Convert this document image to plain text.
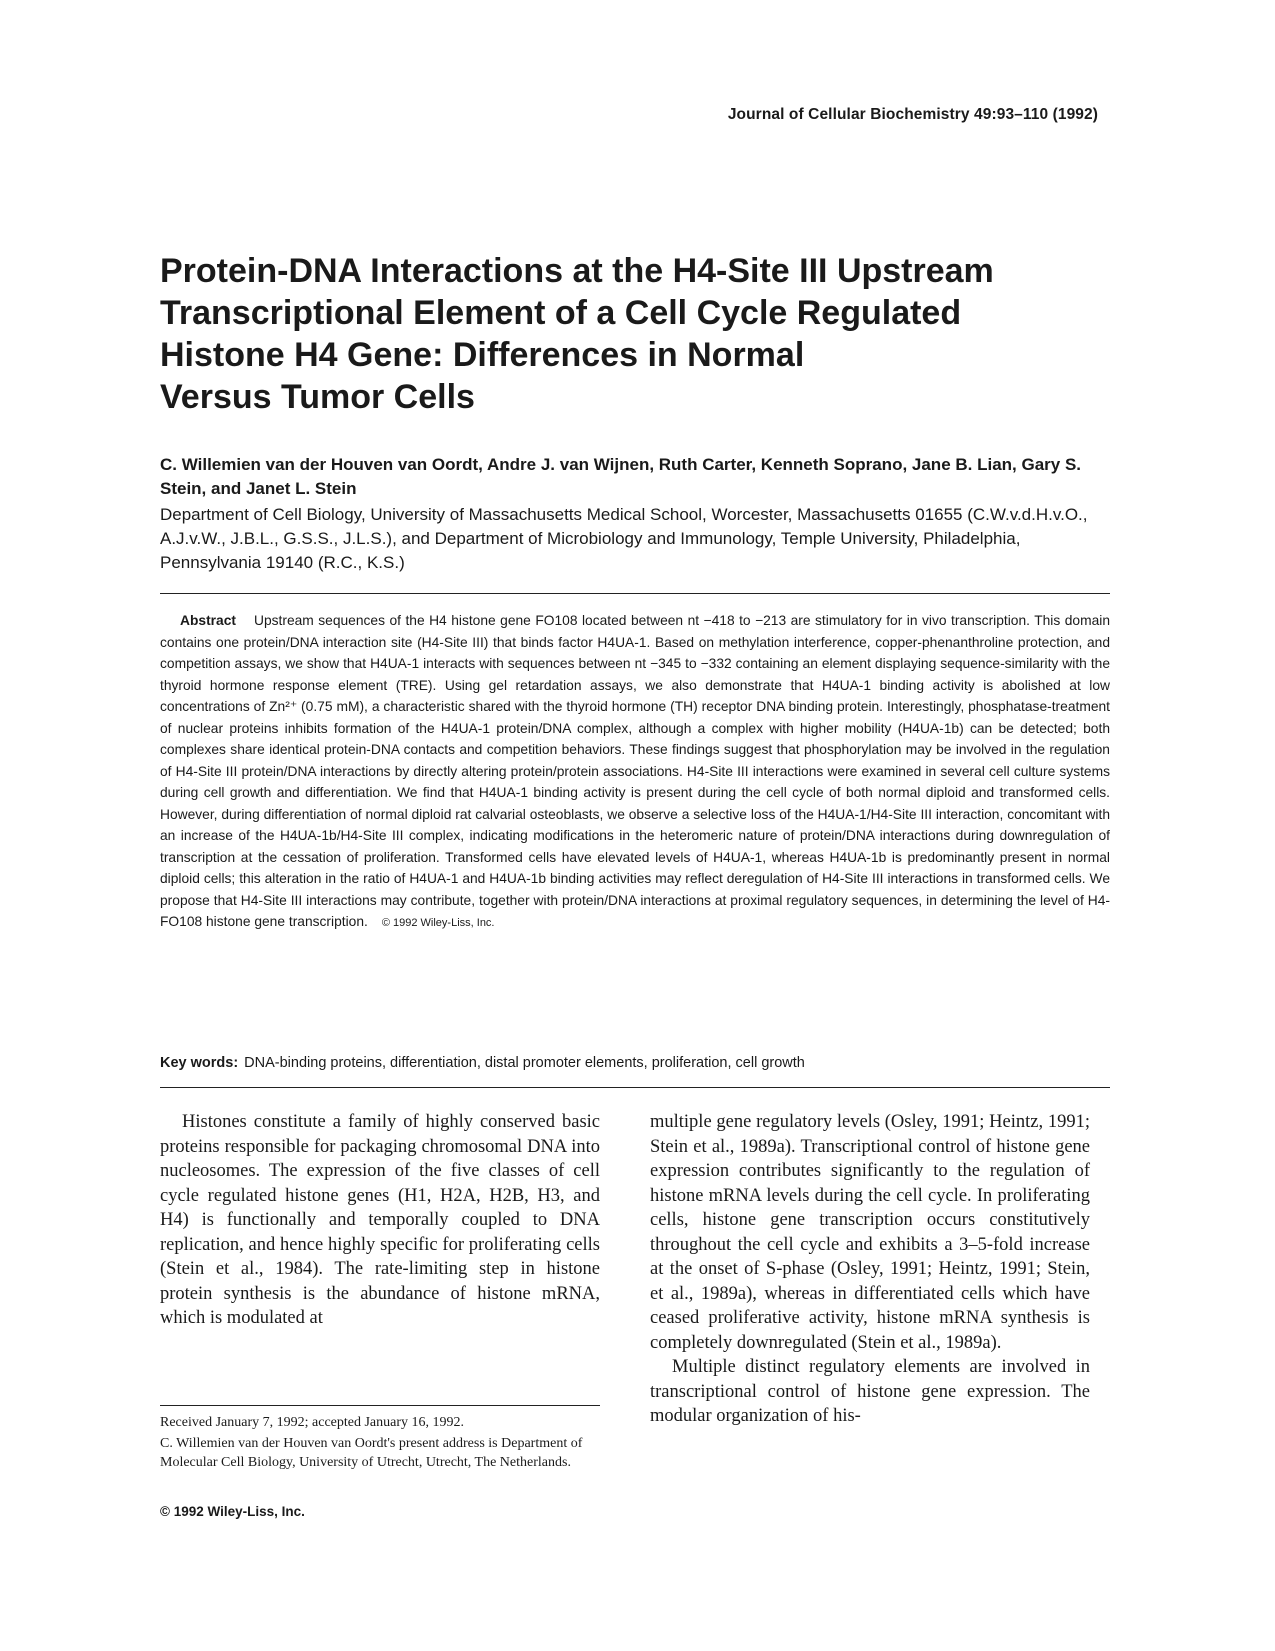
Journal of Cellular Biochemistry 49:93–110 (1992)
Protein-DNA Interactions at the H4-Site III Upstream
Transcriptional Element of a Cell Cycle Regulated
Histone H4 Gene: Differences in Normal
Versus Tumor Cells

C. Willemien van der Houven van Oordt, Andre J. van Wijnen, Ruth Carter, Kenneth Soprano, Jane B. Lian, Gary S. Stein, and Janet L. Stein

Department of Cell Biology, University of Massachusetts Medical School, Worcester, Massachusetts 01655 (C.W.v.d.H.v.O., A.J.v.W., J.B.L., G.S.S., J.L.S.), and Department of Microbiology and Immunology, Temple University, Philadelphia, Pennsylvania 19140 (R.C., K.S.)

Abstract Upstream sequences of the H4 histone gene FO108 located between nt −418 to −213 are stimulatory for in vivo transcription. This domain contains one protein/DNA interaction site (H4-Site III) that binds factor H4UA-1. Based on methylation interference, copper-phenanthroline protection, and competition assays, we show that H4UA-1 interacts with sequences between nt −345 to −332 containing an element displaying sequence-similarity with the thyroid hormone response element (TRE). Using gel retardation assays, we also demonstrate that H4UA-1 binding activity is abolished at low concentrations of Zn²⁺ (0.75 mM), a characteristic shared with the thyroid hormone (TH) receptor DNA binding protein. Interestingly, phosphatase-treatment of nuclear proteins inhibits formation of the H4UA-1 protein/DNA complex, although a complex with higher mobility (H4UA-1b) can be detected; both complexes share identical protein-DNA contacts and competition behaviors. These findings suggest that phosphorylation may be involved in the regulation of H4-Site III protein/DNA interactions by directly altering protein/protein associations. H4-Site III interactions were examined in several cell culture systems during cell growth and differentiation. We find that H4UA-1 binding activity is present during the cell cycle of both normal diploid and transformed cells. However, during differentiation of normal diploid rat calvarial osteoblasts, we observe a selective loss of the H4UA-1/H4-Site III interaction, concomitant with an increase of the H4UA-1b/H4-Site III complex, indicating modifications in the heteromeric nature of protein/DNA interactions during downregulation of transcription at the cessation of proliferation. Transformed cells have elevated levels of H4UA-1, whereas H4UA-1b is predominantly present in normal diploid cells; this alteration in the ratio of H4UA-1 and H4UA-1b binding activities may reflect deregulation of H4-Site III interactions in transformed cells. We propose that H4-Site III interactions may contribute, together with protein/DNA interactions at proximal regulatory sequences, in determining the level of H4-FO108 histone gene transcription. © 1992 Wiley-Liss, Inc.

Key words: DNA-binding proteins, differentiation, distal promoter elements, proliferation, cell growth

Histones constitute a family of highly conserved basic proteins responsible for packaging chromosomal DNA into nucleosomes. The expression of the five classes of cell cycle regulated histone genes (H1, H2A, H2B, H3, and H4) is functionally and temporally coupled to DNA replication, and hence highly specific for proliferating cells (Stein et al., 1984). The rate-limiting step in histone protein synthesis is the abundance of histone mRNA, which is modulated at

multiple gene regulatory levels (Osley, 1991; Heintz, 1991; Stein et al., 1989a). Transcriptional control of histone gene expression contributes significantly to the regulation of histone mRNA levels during the cell cycle. In proliferating cells, histone gene transcription occurs constitutively throughout the cell cycle and exhibits a 3–5-fold increase at the onset of S-phase (Osley, 1991; Heintz, 1991; Stein, et al., 1989a), whereas in differentiated cells which have ceased proliferative activity, histone mRNA synthesis is completely downregulated (Stein et al., 1989a).

Multiple distinct regulatory elements are involved in transcriptional control of histone gene expression. The modular organization of his-

Received January 7, 1992; accepted January 16, 1992.

C. Willemien van der Houven van Oordt's present address is Department of Molecular Cell Biology, University of Utrecht, Utrecht, The Netherlands.

© 1992 Wiley-Liss, Inc.
